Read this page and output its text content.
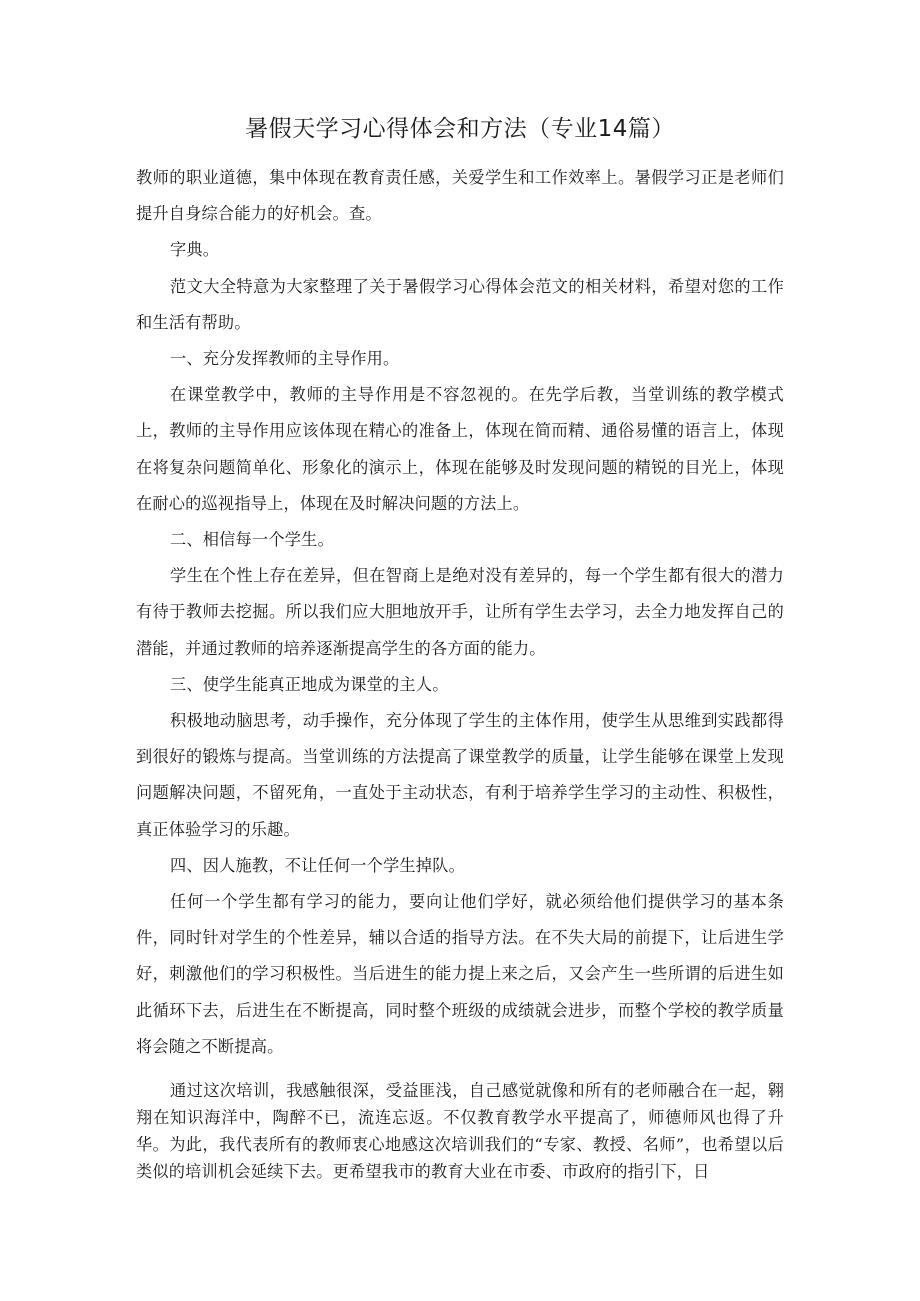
暑假天学习心得体会和方法（专业14篇）

教师的职业道德，集中体现在教育责任感，关爱学生和工作效率上。暑假学习正是老师们提升自身综合能力的好机会。查。

字典。

范文大全特意为大家整理了关于暑假学习心得体会范文的相关材料，希望对您的工作和生活有帮助。

一、充分发挥教师的主导作用。

在课堂教学中，教师的主导作用是不容忽视的。在先学后教，当堂训练的教学模式上，教师的主导作用应该体现在精心的准备上，体现在简而精、通俗易懂的语言上，体现在将复杂问题简单化、形象化的演示上，体现在能够及时发现问题的精锐的目光上，体现在耐心的巡视指导上，体现在及时解决问题的方法上。

二、相信每一个学生。

学生在个性上存在差异，但在智商上是绝对没有差异的，每一个学生都有很大的潜力有待于教师去挖掘。所以我们应大胆地放开手，让所有学生去学习，去全力地发挥自己的潜能，并通过教师的培养逐渐提高学生的各方面的能力。

三、使学生能真正地成为课堂的主人。

积极地动脑思考，动手操作，充分体现了学生的主体作用，使学生从思维到实践都得到很好的锻炼与提高。当堂训练的方法提高了课堂教学的质量，让学生能够在课堂上发现问题解决问题，不留死角，一直处于主动状态，有利于培养学生学习的主动性、积极性，真正体验学习的乐趣。

四、因人施教，不让任何一个学生掉队。

任何一个学生都有学习的能力，要向让他们学好，就必须给他们提供学习的基本条件，同时针对学生的个性差异，辅以合适的指导方法。在不失大局的前提下，让后进生学好，刺激他们的学习积极性。当后进生的能力提上来之后，又会产生一些所谓的后进生如此循环下去，后进生在不断提高，同时整个班级的成绩就会进步，而整个学校的教学质量将会随之不断提高。

通过这次培训，我感触很深，受益匪浅，自己感觉就像和所有的老师融合在一起，翱翔在知识海洋中，陶醉不已，流连忘返。不仅教育教学水平提高了，师德师风也得了升华。为此，我代表所有的教师衷心地感这次培训我们的“专家、教授、名师”，也希望以后类似的培训机会延续下去。更希望我市的教育大业在市委、市政府的指引下，日
